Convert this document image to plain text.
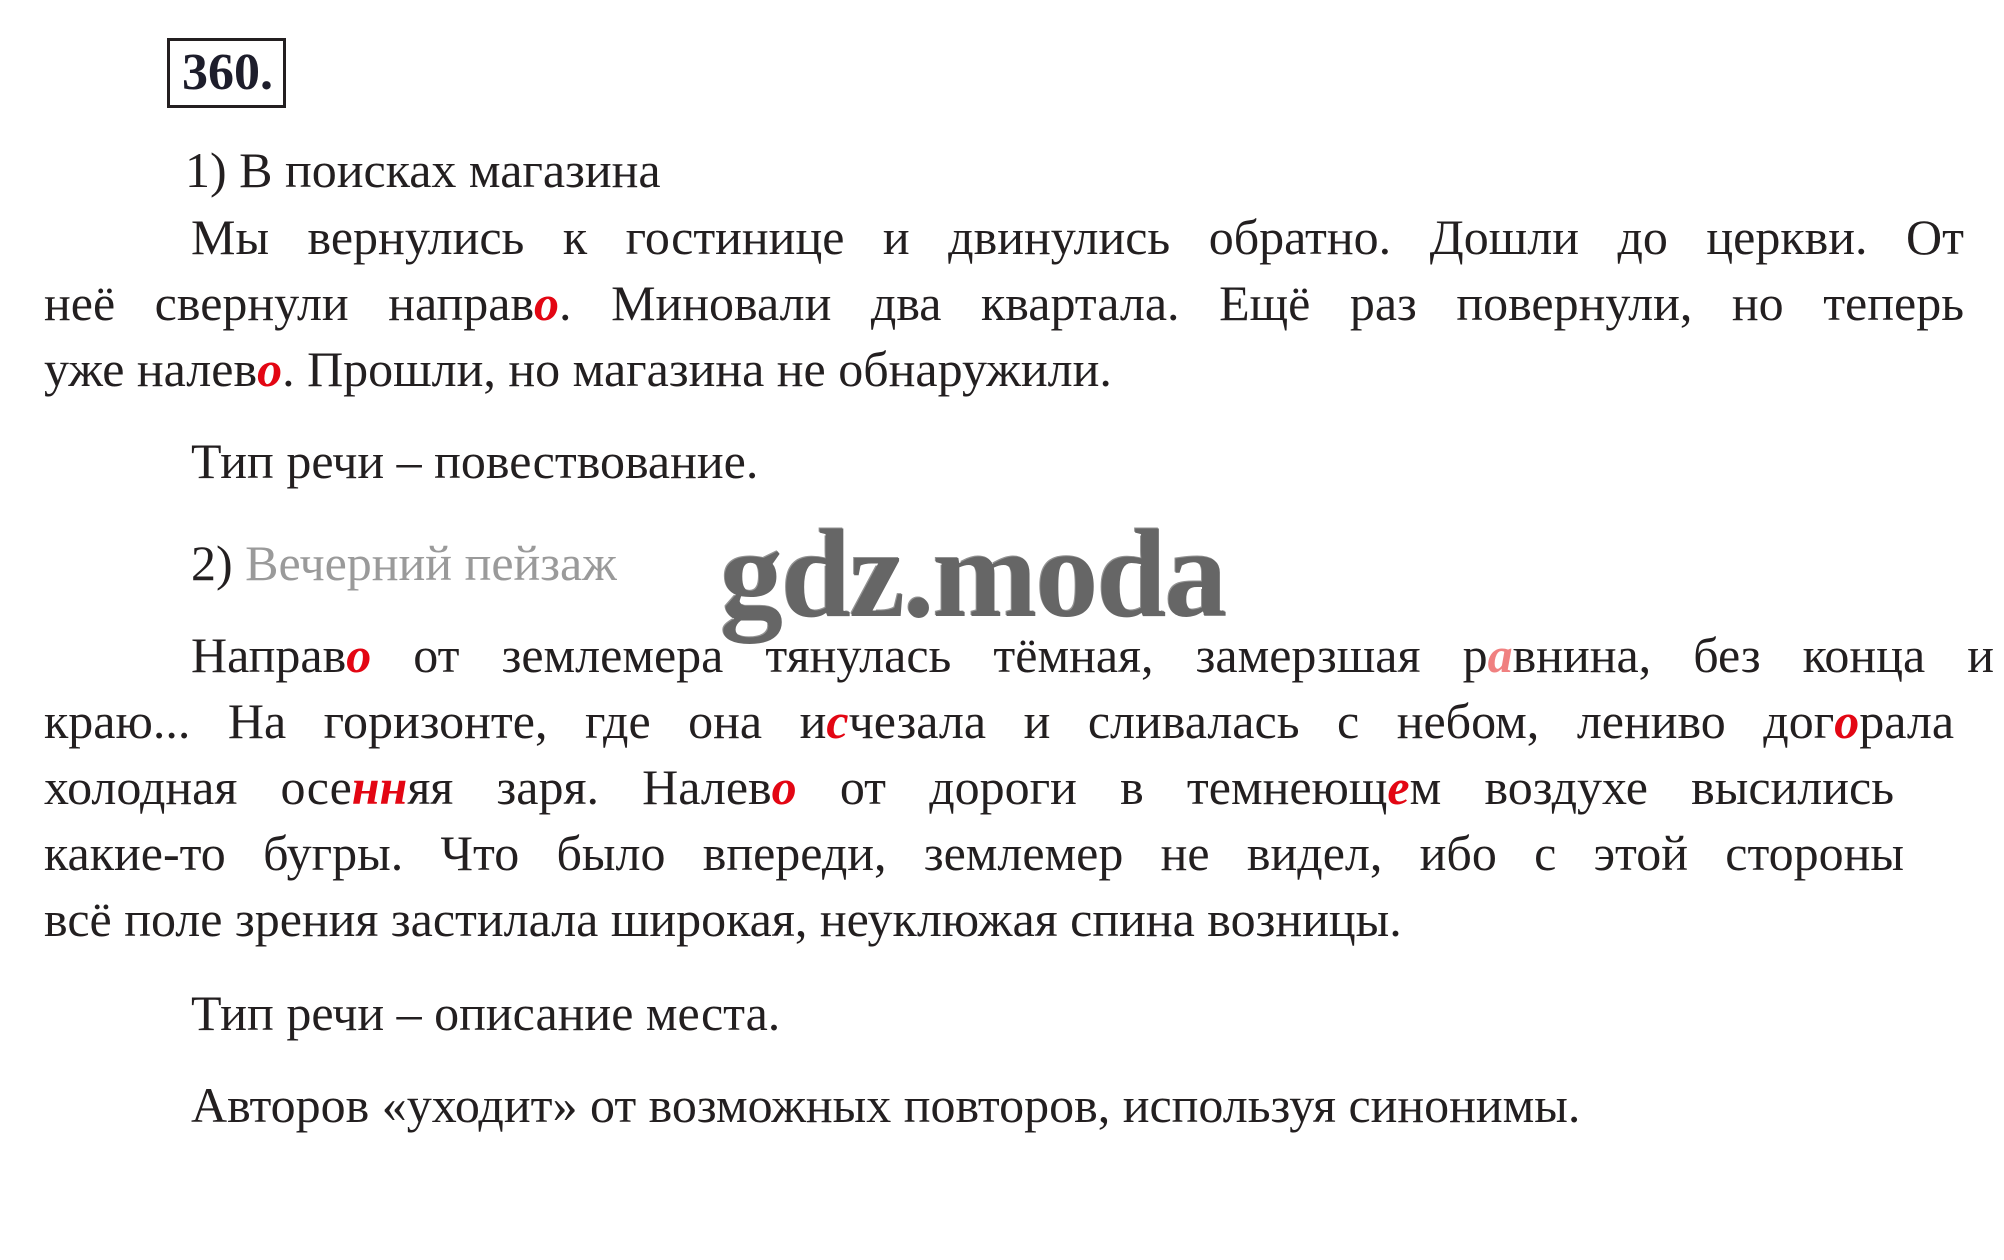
360.
1) В поисках магазина
Мы вернулись к гостинице и двинулись обратно. Дошли до церкви. От
неё свернули направо. Миновали два квартала. Ещё раз повернули, но теперь
уже налево. Прошли, но магазина не обнаружили.
Тип речи – повествование.
2) Вечерний пейзаж gdz.moda
Направо от землемера тянулась тёмная, замерзшая равнина, без конца и
краю... На горизонте, где она исчезала и сливалась с небом, лениво догорала
холодная осенняя заря. Налево от дороги в темнеющем воздухе высились
какие-то бугры. Что было впереди, землемер не видел, ибо с этой стороны
всё поле зрения застилала широкая, неуклюжая спина возницы.
Тип речи – описание места.
Авторов «уходит» от возможных повторов, используя синонимы.
